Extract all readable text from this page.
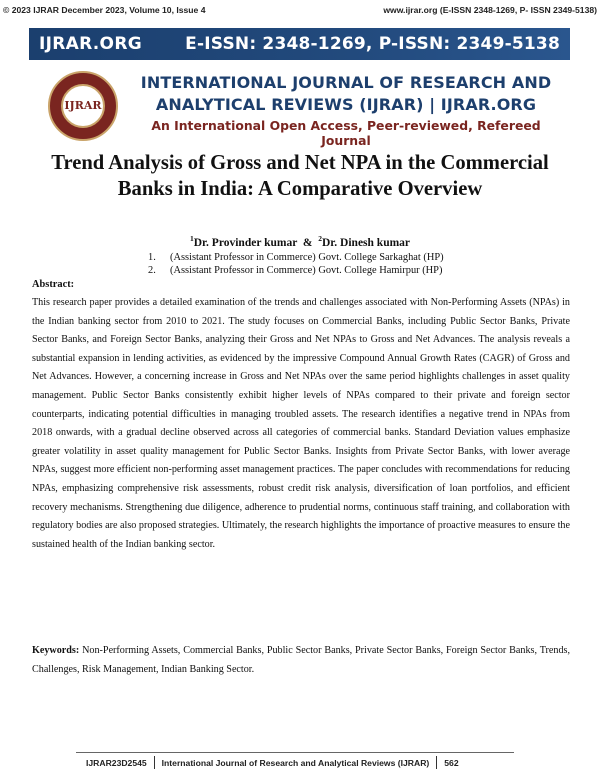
© 2023 IJRAR December 2023, Volume 10, Issue 4	www.ijrar.org (E-ISSN 2348-1269, P- ISSN 2349-5138)
IJRAR.ORG	E-ISSN: 2348-1269, P-ISSN: 2349-5138
IJRAR
INTERNATIONAL JOURNAL OF RESEARCH AND
ANALYTICAL REVIEWS (IJRAR) | IJRAR.ORG
An International Open Access, Peer-reviewed, Refereed Journal
Trend Analysis of Gross and Net NPA in the Commercial Banks in India: A Comparative Overview
$^1$Dr. Provinder kumar & $^2$Dr. Dinesh kumar
1. (Assistant Professor in Commerce) Govt. College Sarkaghat (HP)
2. (Assistant Professor in Commerce) Govt. College Hamirpur (HP)
Abstract:
This research paper provides a detailed examination of the trends and challenges associated with Non-Performing Assets (NPAs) in the Indian banking sector from 2010 to 2021. The study focuses on Commercial Banks, including Public Sector Banks, Private Sector Banks, and Foreign Sector Banks, analyzing their Gross and Net NPAs to Gross and Net Advances. The analysis reveals a substantial expansion in lending activities, as evidenced by the impressive Compound Annual Growth Rates (CAGR) of Gross and Net Advances. However, a concerning increase in Gross and Net NPAs over the same period highlights challenges in asset quality management. Public Sector Banks consistently exhibit higher levels of NPAs compared to their private and foreign sector counterparts, indicating potential difficulties in managing troubled assets. The research identifies a negative trend in NPAs from 2018 onwards, with a gradual decline observed across all categories of commercial banks. Standard Deviation values emphasize greater volatility in asset quality management for Public Sector Banks. Insights from Private Sector Banks, with lower average NPAs, suggest more efficient non-performing asset management practices. The paper concludes with recommendations for reducing NPAs, emphasizing comprehensive risk assessments, robust credit risk analysis, diversification of loan portfolios, and efficient recovery mechanisms. Strengthening due diligence, adherence to prudential norms, continuous staff training, and collaboration with regulatory bodies are also proposed strategies. Ultimately, the research highlights the importance of proactive measures to ensure the sustained health of the Indian banking sector.
Keywords: Non-Performing Assets, Commercial Banks, Public Sector Banks, Private Sector Banks, Foreign Sector Banks, Trends, Challenges, Risk Management, Indian Banking Sector.
IJRAR23D2545 International Journal of Research and Analytical Reviews (IJRAR) 562
